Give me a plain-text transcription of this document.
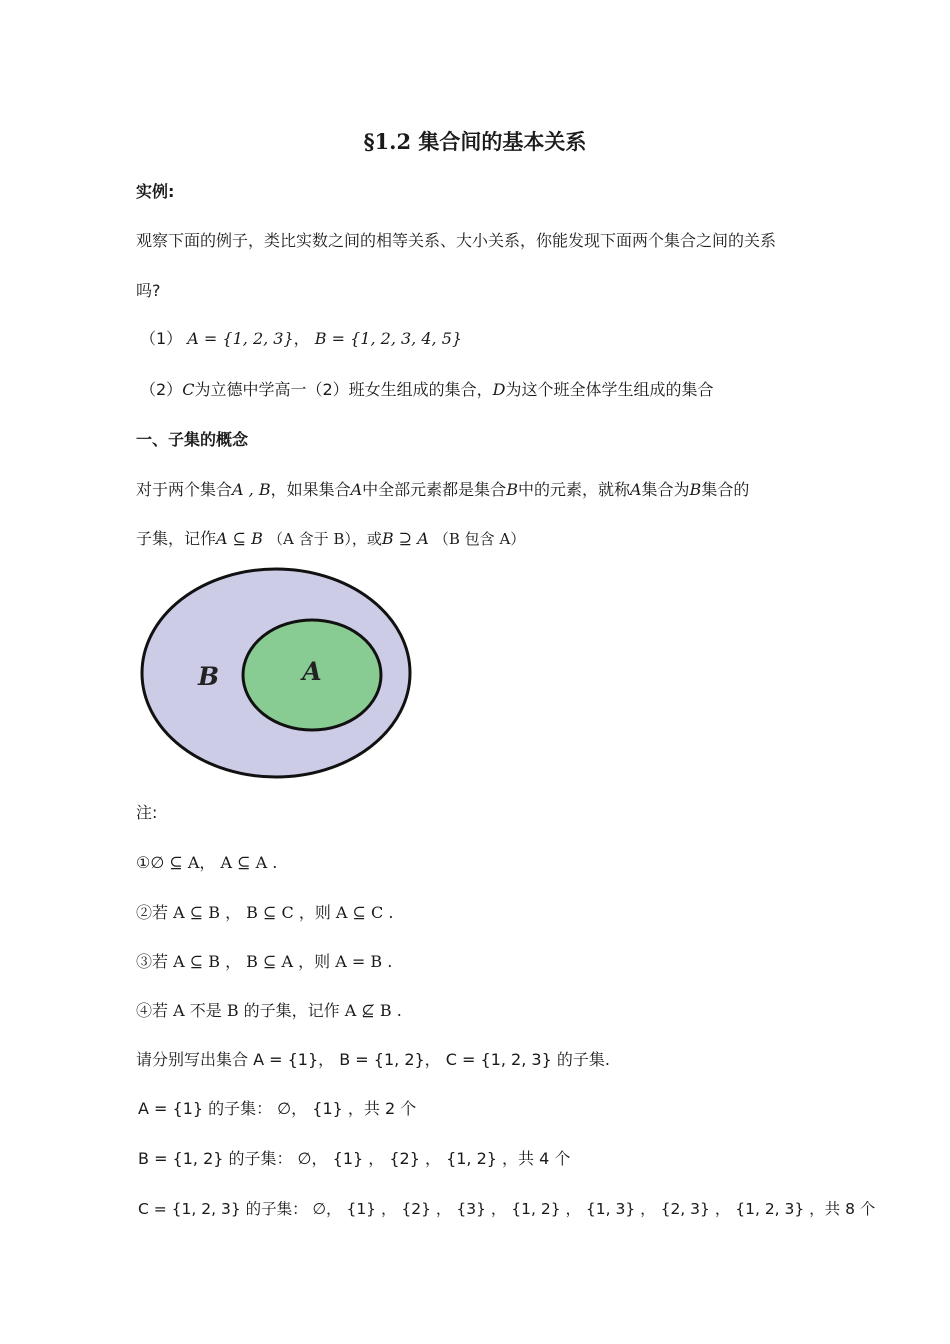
§1.2 集合间的基本关系
实例:
观察下面的例子，类比实数之间的相等关系、大小关系，你能发现下面两个集合之间的关系
吗?
（1） A = {1, 2, 3}， B = {1, 2, 3, 4, 5}
（2）C为立德中学高一（2）班女生组成的集合，D为这个班全体学生组成的集合
一、子集的概念
对于两个集合A , B，如果集合A中全部元素都是集合B中的元素，就称A集合为B集合的
子集，记作A ⊆ B （A 含于 B），或B ⊇ A （B 包含 A）
B	A
注:
①∅ ⊆ A， A ⊆ A .
②若 A ⊆ B ， B ⊆ C ，则 A ⊆ C .
③若 A ⊆ B ， B ⊆ A ，则 A = B .
④若 A 不是 B 的子集，记作 A ⊈ B .
请分别写出集合 A = {1}， B = {1, 2}， C = {1, 2, 3} 的子集.
A = {1} 的子集： ∅， {1} ，共 2 个
B = {1, 2} 的子集： ∅， {1} ， {2} ， {1, 2} ，共 4 个
C = {1, 2, 3} 的子集： ∅， {1} ， {2} ， {3} ， {1, 2} ， {1, 3} ， {2, 3} ， {1, 2, 3} ，共 8 个
